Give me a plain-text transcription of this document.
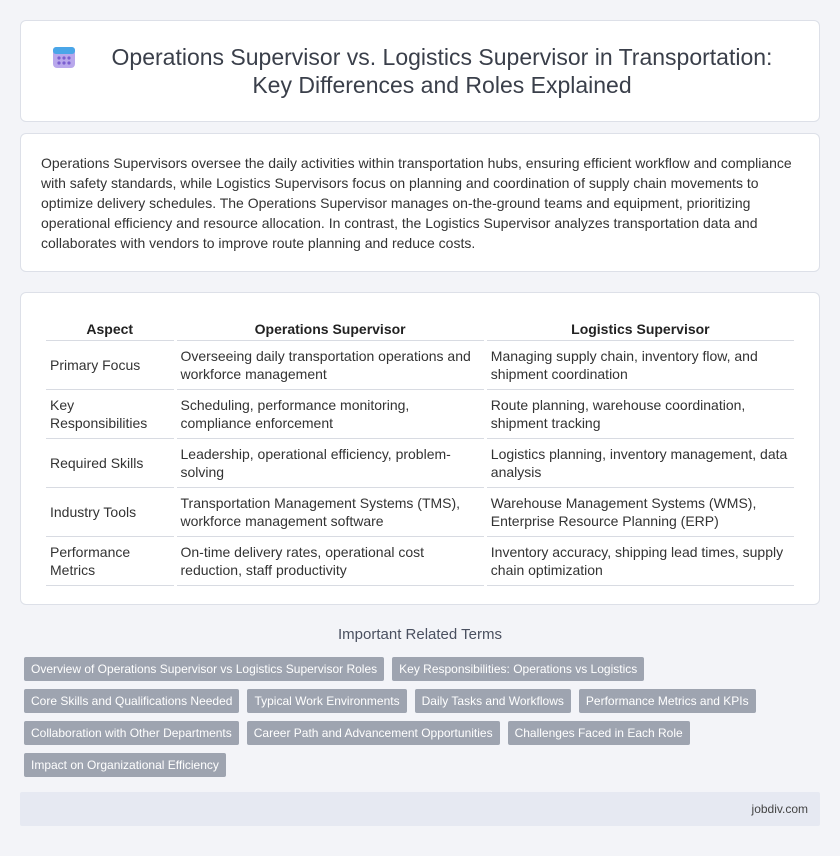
Operations Supervisor vs. Logistics Supervisor in Transportation: Key Differences and Roles Explained

Operations Supervisors oversee the daily activities within transportation hubs, ensuring efficient workflow and compliance with safety standards, while Logistics Supervisors focus on planning and coordination of supply chain movements to optimize delivery schedules. The Operations Supervisor manages on-the-ground teams and equipment, prioritizing operational efficiency and resource allocation. In contrast, the Logistics Supervisor analyzes transportation data and collaborates with vendors to improve route planning and reduce costs.

Aspect	Operations Supervisor	Logistics Supervisor
Primary Focus	Overseeing daily transportation operations and workforce management	Managing supply chain, inventory flow, and shipment coordination
Key Responsibilities	Scheduling, performance monitoring, compliance enforcement	Route planning, warehouse coordination, shipment tracking
Required Skills	Leadership, operational efficiency, problem-solving	Logistics planning, inventory management, data analysis
Industry Tools	Transportation Management Systems (TMS), workforce management software	Warehouse Management Systems (WMS), Enterprise Resource Planning (ERP)
Performance Metrics	On-time delivery rates, operational cost reduction, staff productivity	Inventory accuracy, shipping lead times, supply chain optimization
Important Related Terms
Overview of Operations Supervisor vs Logistics Supervisor Roles	Key Responsibilities: Operations vs Logistics
Core Skills and Qualifications Needed	Typical Work Environments	Daily Tasks and Workflows	Performance Metrics and KPIs
Collaboration with Other Departments	Career Path and Advancement Opportunities	Challenges Faced in Each Role
Impact on Organizational Efficiency
jobdiv.com
